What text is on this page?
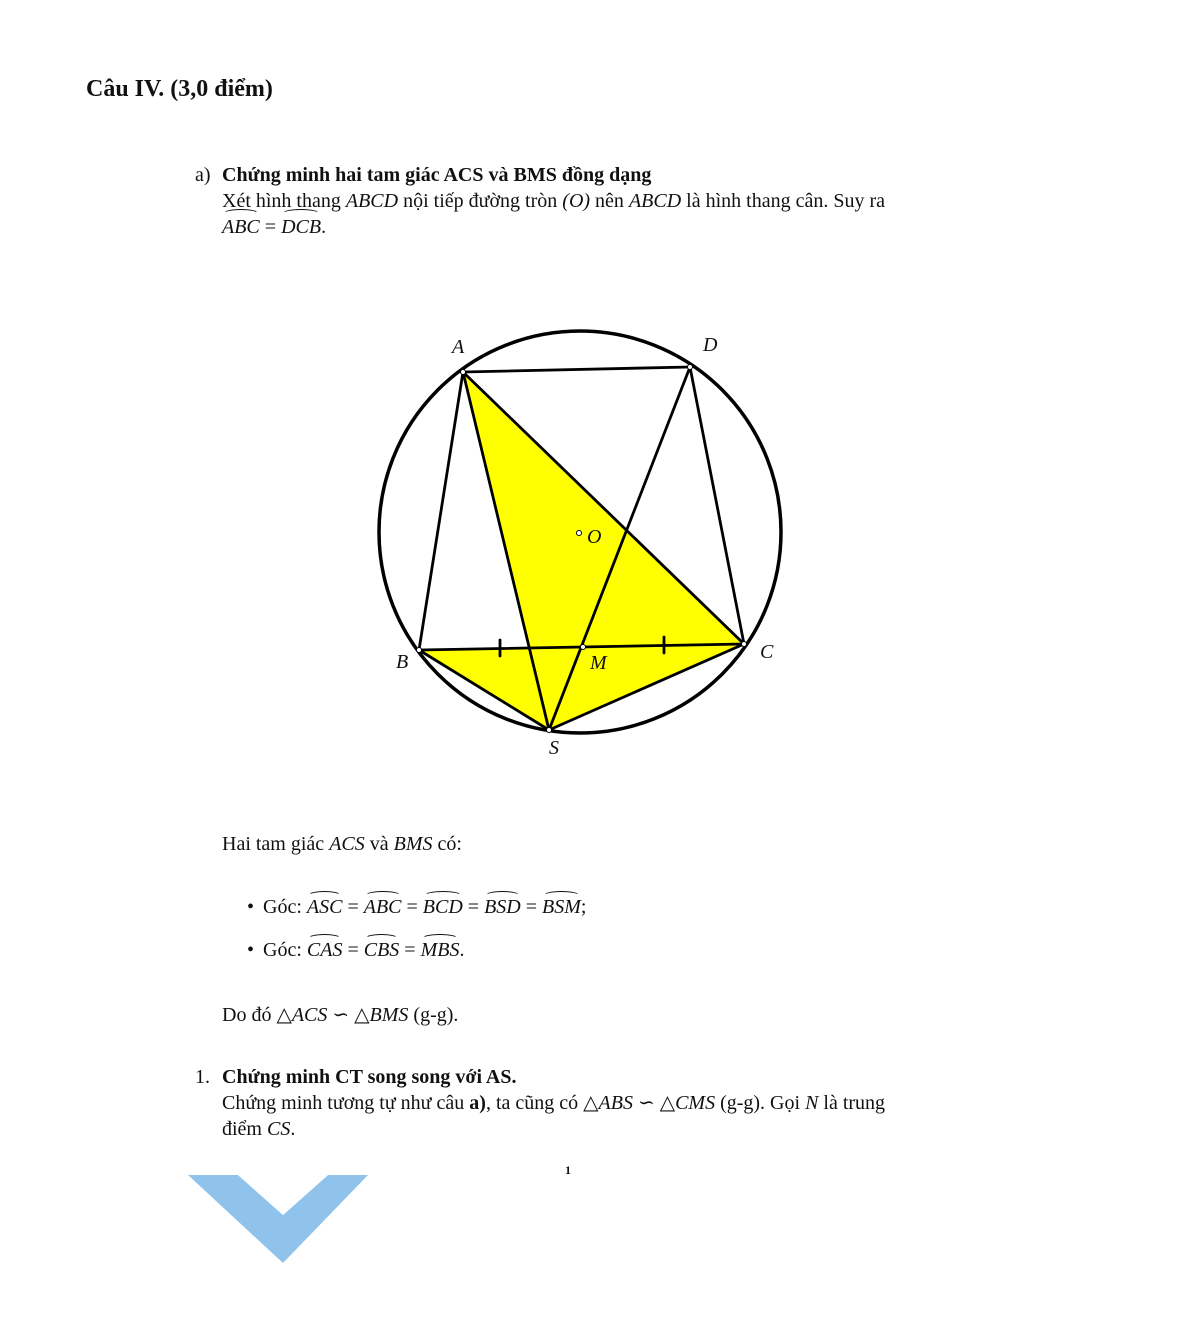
Câu IV. (3,0 điểm)
a) Chứng minh hai tam giác ACS và BMS đồng dạng
Xét hình thang ABCD nội tiếp đường tròn (O) nên ABCD là hình thang cân. Suy ra
ABC = DCB.
A	D
O
B	M	C
S
Hai tam giác ACS và BMS có:
• Góc: ASC = ABC = BCD = BSD = BSM;
• Góc: CAS = CBS = MBS.
Do đó △ACS ∽ △BMS (g-g).
1. Chứng minh CT song song với AS.
Chứng minh tương tự như câu a), ta cũng có △ABS ∽ △CMS (g-g). Gọi N là trung
điểm CS.
1
